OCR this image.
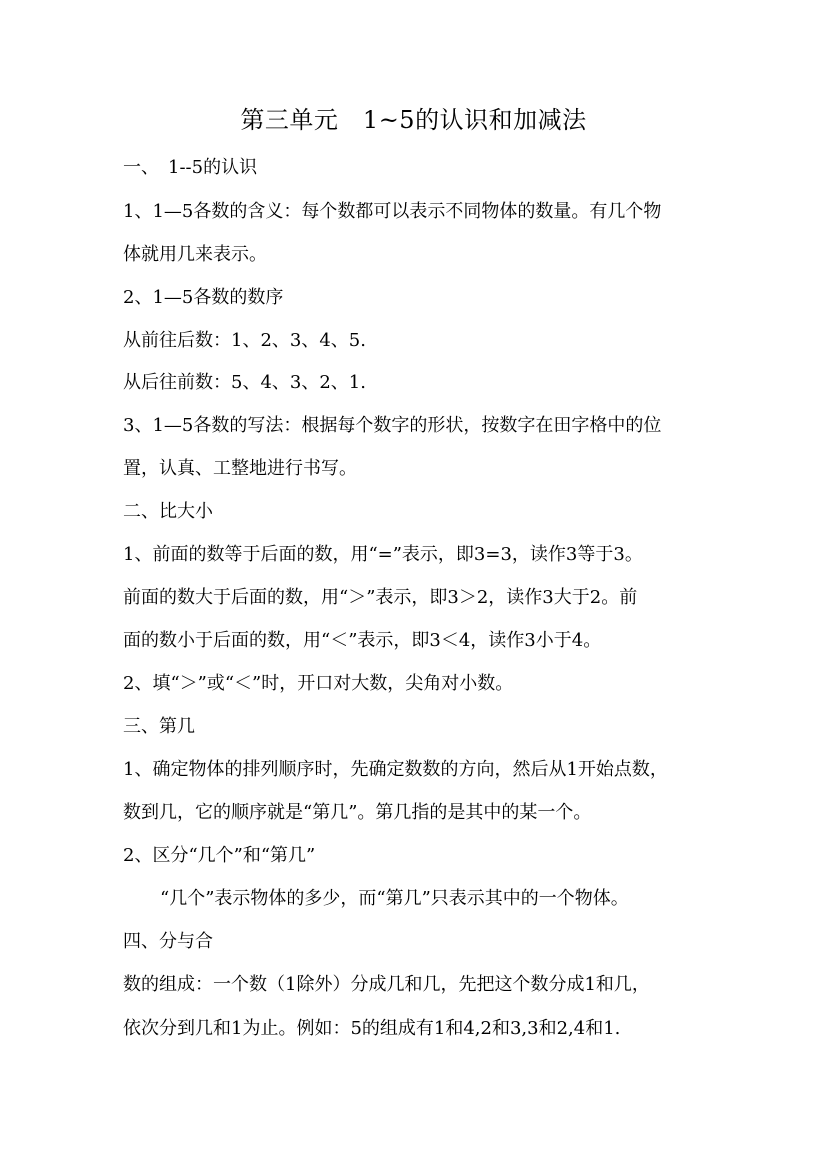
第三单元　1~5的认识和加减法
一、　1--5的认识
1、1—5各数的含义：每个数都可以表示不同物体的数量。有几个物
体就用几来表示。
2、1—5各数的数序
从前往后数：1、2、3、4、5.
从后往前数：5、4、3、2、1.
3、1—5各数的写法：根据每个数字的形状，按数字在田字格中的位
置，认真、工整地进行书写。
二、比大小
1、前面的数等于后面的数，用“=”表示，即3=3，读作3等于3。
前面的数大于后面的数，用“＞”表示，即3＞2，读作3大于2。前
面的数小于后面的数，用“＜”表示，即3＜4，读作3小于4。
2、填“＞”或“＜”时，开口对大数，尖角对小数。
三、第几
1、确定物体的排列顺序时，先确定数数的方向，然后从1开始点数，
数到几，它的顺序就是“第几”。第几指的是其中的某一个。
2、区分“几个”和“第几”
“几个”表示物体的多少，而“第几”只表示其中的一个物体。
四、分与合
数的组成：一个数（1除外）分成几和几，先把这个数分成1和几，
依次分到几和1为止。例如：5的组成有1和4,2和3,3和2,4和1.
